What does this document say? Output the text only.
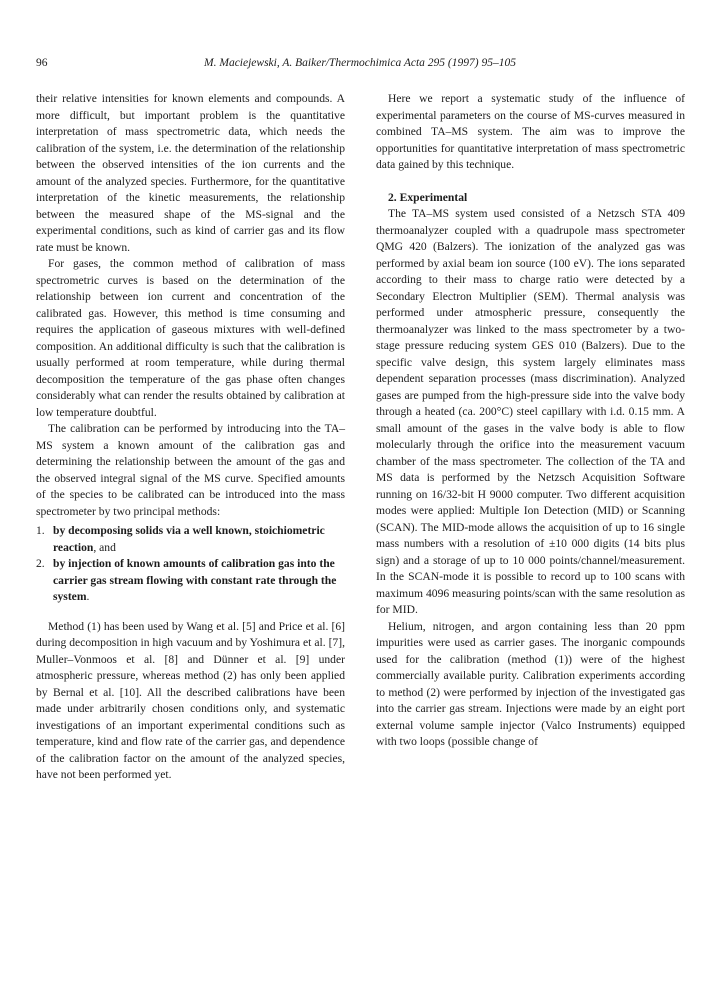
96	M. Maciejewski, A. Baiker/Thermochimica Acta 295 (1997) 95–105

their relative intensities for known elements and compounds. A more difficult, but important problem is the quantitative interpretation of mass spectrometric data, which needs the calibration of the system, i.e. the determination of the relationship between the observed intensities of the ion currents and the amount of the analyzed species. Furthermore, for the quantitative interpretation of the kinetic measurements, the relationship between the measured shape of the MS-signal and the experimental conditions, such as kind of carrier gas and its flow rate must be known.

For gases, the common method of calibration of mass spectrometric curves is based on the determination of the relationship between ion current and concentration of the calibrated gas. However, this method is time consuming and requires the application of gaseous mixtures with well-defined composition. An additional difficulty is such that the calibration is usually performed at room temperature, while during thermal decomposition the temperature of the gas phase often changes considerably what can render the results obtained by calibration at low temperature doubtful.

The calibration can be performed by introducing into the TA–MS system a known amount of the calibration gas and determining the relationship between the amount of the gas and the observed integral signal of the MS curve. Specified amounts of the species to be calibrated can be introduced into the mass spectrometer by two principal methods:

1. by decomposing solids via a well known, stoichiometric reaction, and
2. by injection of known amounts of calibration gas into the carrier gas stream flowing with constant rate through the system.

Method (1) has been used by Wang et al. [5] and Price et al. [6] during decomposition in high vacuum and by Yoshimura et al. [7], Muller–Vonmoos et al. [8] and Dünner et al. [9] under atmospheric pressure, whereas method (2) has only been applied by Bernal et al. [10]. All the described calibrations have been made under arbitrarily chosen conditions only, and systematic investigations of an important experimental conditions such as temperature, kind and flow rate of the carrier gas, and dependence of the calibration factor on the amount of the analyzed species, have not been performed yet.

Here we report a systematic study of the influence of experimental parameters on the course of MS-curves measured in combined TA–MS system. The aim was to improve the opportunities for quantitative interpretation of mass spectrometric data gained by this technique.

2. Experimental

The TA–MS system used consisted of a Netzsch STA 409 thermoanalyzer coupled with a quadrupole mass spectrometer QMG 420 (Balzers). The ionization of the analyzed gas was performed by axial beam ion source (100 eV). The ions separated according to their mass to charge ratio were detected by a Secondary Electron Multiplier (SEM). Thermal analysis was performed under atmospheric pressure, consequently the thermoanalyzer was linked to the mass spectrometer by a two-stage pressure reducing system GES 010 (Balzers). Due to the specific valve design, this system largely eliminates mass dependent separation processes (mass discrimination). Analyzed gases are pumped from the high-pressure side into the valve body through a heated (ca. 200°C) steel capillary with i.d. 0.15 mm. A small amount of the gases in the valve body is able to flow molecularly through the orifice into the measurement vacuum chamber of the mass spectrometer. The collection of the TA and MS data is performed by the Netzsch Acquisition Software running on 16/32-bit H 9000 computer. Two different acquisition modes were applied: Multiple Ion Detection (MID) or Scanning (SCAN). The MID-mode allows the acquisition of up to 16 single mass numbers with a resolution of ±10 000 digits (14 bits plus sign) and a storage of up to 10 000 points/channel/measurement. In the SCAN-mode it is possible to record up to 100 scans with maximum 4096 measuring points/scan with the same resolution as for MID.

Helium, nitrogen, and argon containing less than 20 ppm impurities were used as carrier gases. The inorganic compounds used for the calibration (method (1)) were of the highest commercially available purity. Calibration experiments according to method (2) were performed by injection of the investigated gas into the carrier gas stream. Injections were made by an eight port external volume sample injector (Valco Instruments) equipped with two loops (possible change of
